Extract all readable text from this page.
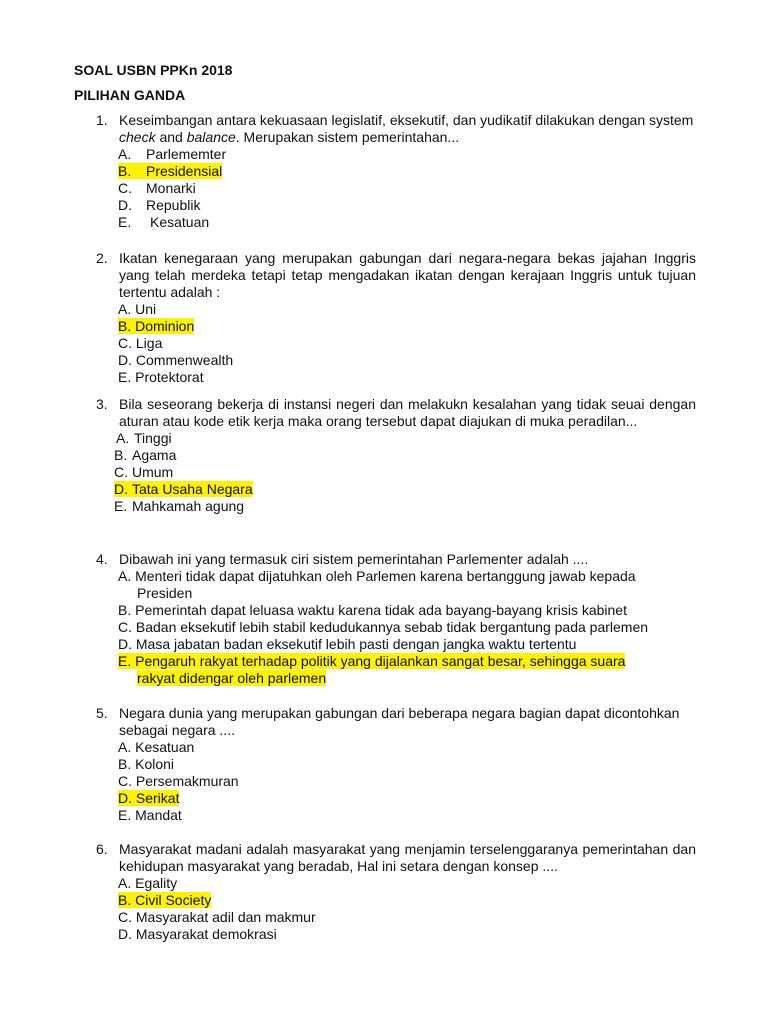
SOAL USBN PPKn 2018
PILIHAN GANDA
1. Keseimbangan antara kekuasaan legislatif, eksekutif, dan yudikatif dilakukan dengan system check and balance. Merupakan sistem pemerintahan...
A. Parlememter
B. Presidensial
C. Monarki
D. Republik
E. Kesatuan
2. Ikatan kenegaraan yang merupakan gabungan dari negara-negara bekas jajahan Inggris yang telah merdeka tetapi tetap mengadakan ikatan dengan kerajaan Inggris untuk tujuan tertentu adalah :
A. Uni
B. Dominion
C. Liga
D. Commenwealth
E. Protektorat
3. Bila seseorang bekerja di instansi negeri dan melakukn kesalahan yang tidak seuai dengan aturan atau kode etik kerja maka orang tersebut dapat diajukan di muka peradilan...
A. Tinggi
B. Agama
C. Umum
D. Tata Usaha Negara
E. Mahkamah agung
4. Dibawah ini yang termasuk ciri sistem pemerintahan Parlementer adalah ....
A. Menteri tidak dapat dijatuhkan oleh Parlemen karena bertanggung jawab kepada
Presiden
B. Pemerintah dapat leluasa waktu karena tidak ada bayang-bayang krisis kabinet
C. Badan eksekutif lebih stabil kedudukannya sebab tidak bergantung pada parlemen
D. Masa jabatan badan eksekutif lebih pasti dengan jangka waktu tertentu
E. Pengaruh rakyat terhadap politik yang dijalankan sangat besar, sehingga suara
rakyat didengar oleh parlemen
5. Negara dunia yang merupakan gabungan dari beberapa negara bagian dapat dicontohkan sebagai negara ....
A. Kesatuan
B. Koloni
C. Persemakmuran
D. Serikat
E. Mandat
6. Masyarakat madani adalah masyarakat yang menjamin terselenggaranya pemerintahan dan kehidupan masyarakat yang beradab, Hal ini setara dengan konsep ....
A. Egality
B. Civil Society
C. Masyarakat adil dan makmur
D. Masyarakat demokrasi
